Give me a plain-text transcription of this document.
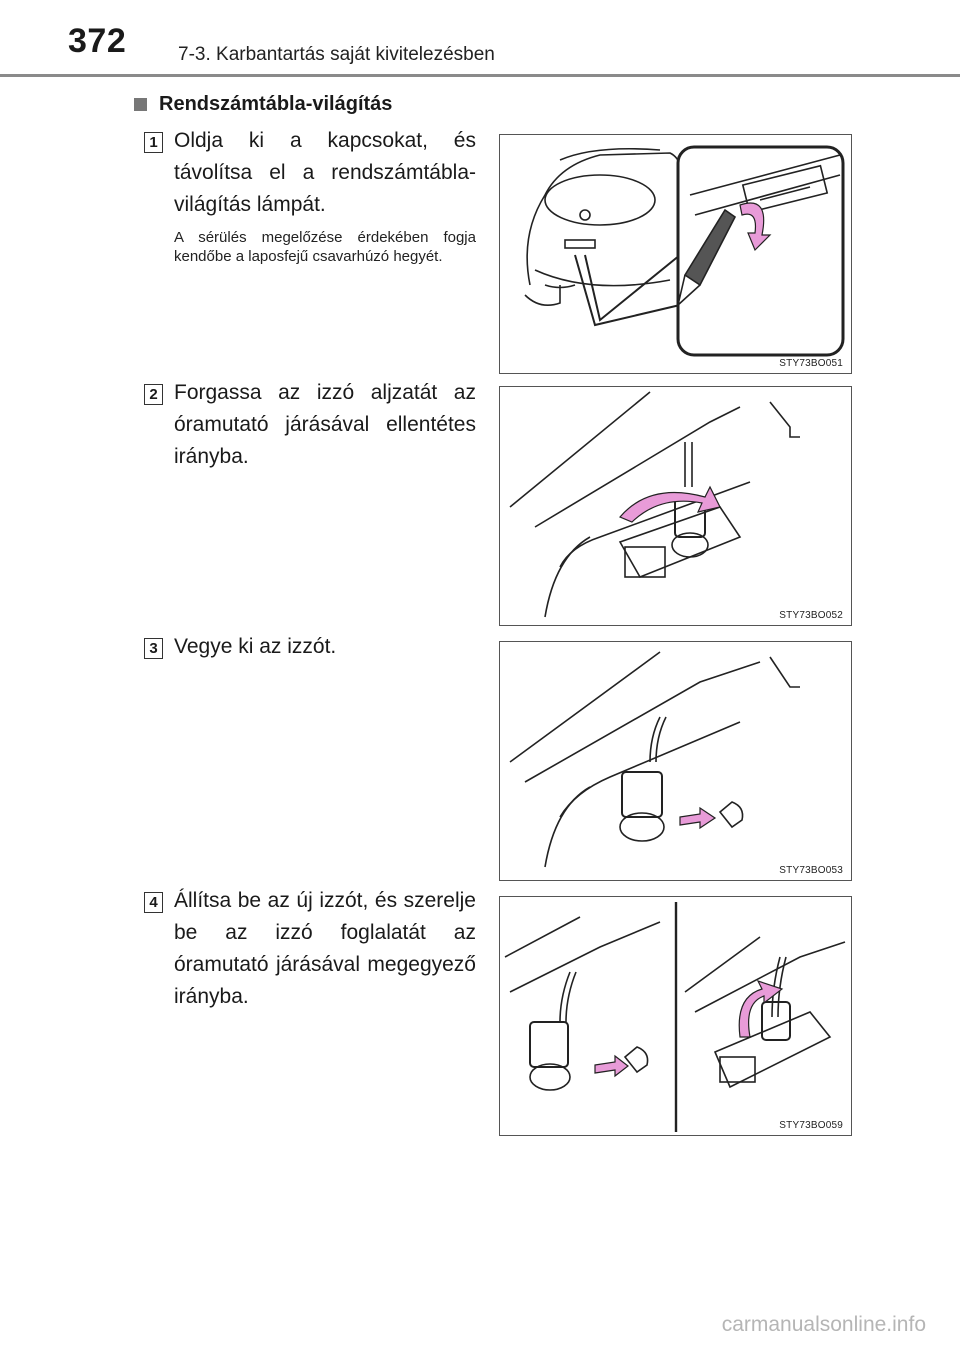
372	7-3. Karbantartás saját kivitelezésben
Rendszámtábla-világítás
1 Oldja ki a kapcsokat, és távolítsa el a rendszámtábla-világítás lámpát.
A sérülés megelőzése érdekében fogja kendőbe a laposfejű csavarhúzó hegyét.
STY73BO051
2 Forgassa az izzó aljzatát az óramutató járásával ellentétes irányba.
STY73BO052
3 Vegye ki az izzót.
STY73BO053
4 Állítsa be az új izzót, és szerelje be az izzó foglalatát az óramutató járásával megegyező irányba.
STY73BO059
carmanualsonline.info
